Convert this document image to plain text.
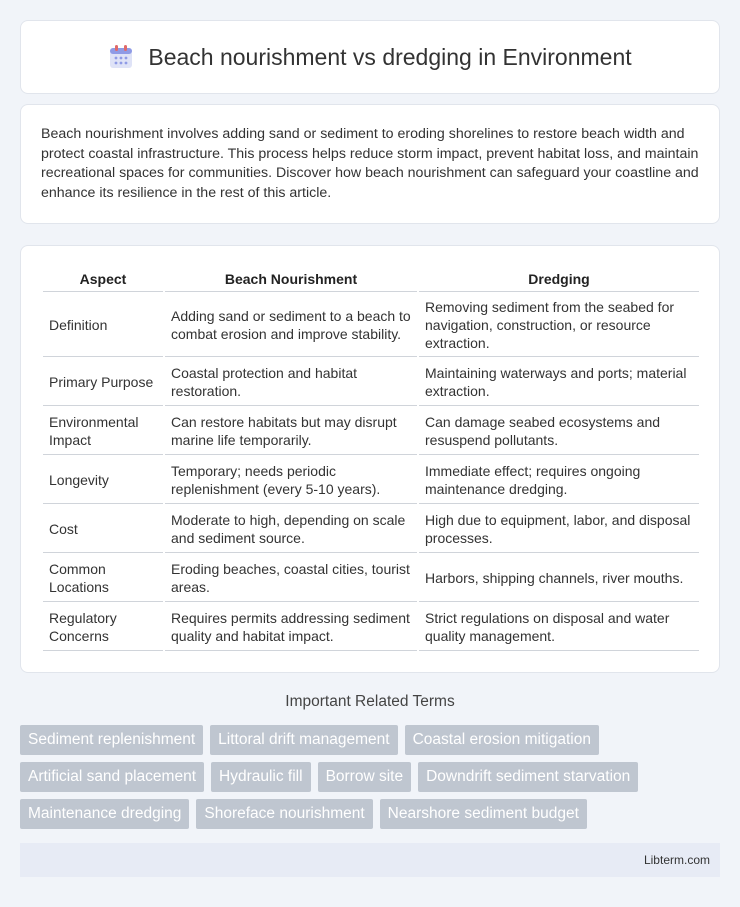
Beach nourishment vs dredging in Environment

Beach nourishment involves adding sand or sediment to eroding shorelines to restore beach width and protect coastal infrastructure. This process helps reduce storm impact, prevent habitat loss, and maintain recreational spaces for communities. Discover how beach nourishment can safeguard your coastline and enhance its resilience in the rest of this article.

Aspect	Beach Nourishment	Dredging
Definition	Adding sand or sediment to a beach to combat erosion and improve stability.	Removing sediment from the seabed for navigation, construction, or resource extraction.
Primary Purpose	Coastal protection and habitat restoration.	Maintaining waterways and ports; material extraction.
Environmental Impact	Can restore habitats but may disrupt marine life temporarily.	Can damage seabed ecosystems and resuspend pollutants.
Longevity	Temporary; needs periodic replenishment (every 5-10 years).	Immediate effect; requires ongoing maintenance dredging.
Cost	Moderate to high, depending on scale and sediment source.	High due to equipment, labor, and disposal processes.
Common Locations	Eroding beaches, coastal cities, tourist areas.	Harbors, shipping channels, river mouths.
Regulatory Concerns	Requires permits addressing sediment quality and habitat impact.	Strict regulations on disposal and water quality management.
Important Related Terms
Sediment replenishment	Littoral drift management	Coastal erosion mitigation
Artificial sand placement	Hydraulic fill	Borrow site	Downdrift sediment starvation
Maintenance dredging	Shoreface nourishment	Nearshore sediment budget
Libterm.com
